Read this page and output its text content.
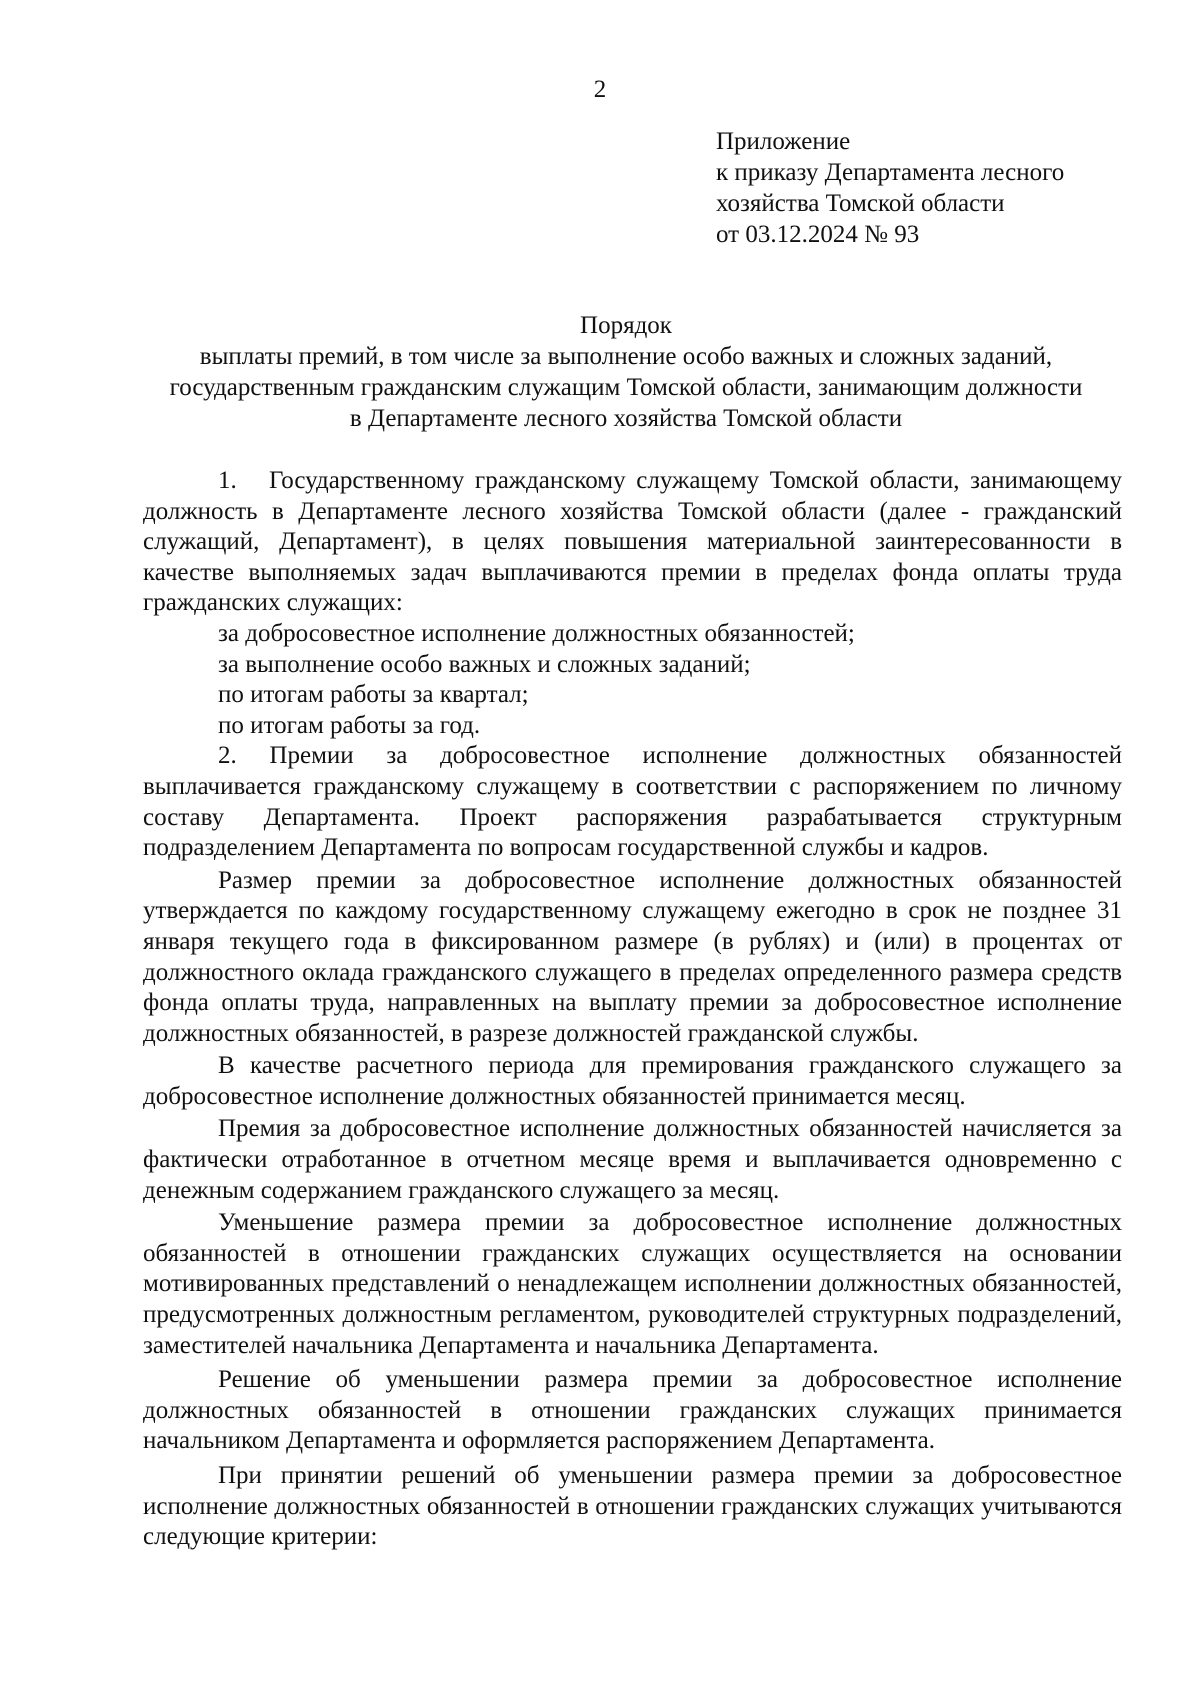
2
Приложение
к приказу Департамента лесного
хозяйства Томской области
от 03.12.2024 № 93
Порядок
выплаты премий, в том числе за выполнение особо важных и сложных заданий,
государственным гражданским служащим Томской области, занимающим должности
в Департаменте лесного хозяйства Томской области

1.   Государственному гражданскому служащему Томской области, занимающему должность в Департаменте лесного хозяйства Томской области (далее - гражданский служащий, Департамент), в целях повышения материальной заинтересованности в качестве выполняемых задач выплачиваются премии в пределах фонда оплаты труда гражданских служащих:

за добросовестное исполнение должностных обязанностей;

за выполнение особо важных и сложных заданий;

по итогам работы за квартал;

по итогам работы за год.

2. Премии за добросовестное исполнение должностных обязанностей выплачивается гражданскому служащему в соответствии с распоряжением по личному составу Департамента. Проект распоряжения разрабатывается структурным подразделением Департамента по вопросам государственной службы и кадров.

Размер премии за добросовестное исполнение должностных обязанностей утверждается по каждому государственному служащему ежегодно в срок не позднее 31 января текущего года в фиксированном размере (в рублях) и (или) в процентах от должностного оклада гражданского служащего в пределах определенного размера средств фонда оплаты труда, направленных на выплату премии за добросовестное исполнение должностных обязанностей, в разрезе должностей гражданской службы.

В качестве расчетного периода для премирования гражданского служащего за добросовестное исполнение должностных обязанностей принимается месяц.

Премия за добросовестное исполнение должностных обязанностей начисляется за фактически отработанное в отчетном месяце время и выплачивается одновременно с денежным содержанием гражданского служащего за месяц.

Уменьшение размера премии за добросовестное исполнение должностных обязанностей в отношении гражданских служащих осуществляется на основании мотивированных представлений о ненадлежащем исполнении должностных обязанностей, предусмотренных должностным регламентом, руководителей структурных подразделений, заместителей начальника Департамента и начальника Департамента.

Решение об уменьшении размера премии за добросовестное исполнение должностных обязанностей в отношении гражданских служащих принимается начальником Департамента и оформляется распоряжением Департамента.

При принятии решений об уменьшении размера премии за добросовестное исполнение должностных обязанностей в отношении гражданских служащих учитываются следующие критерии:
